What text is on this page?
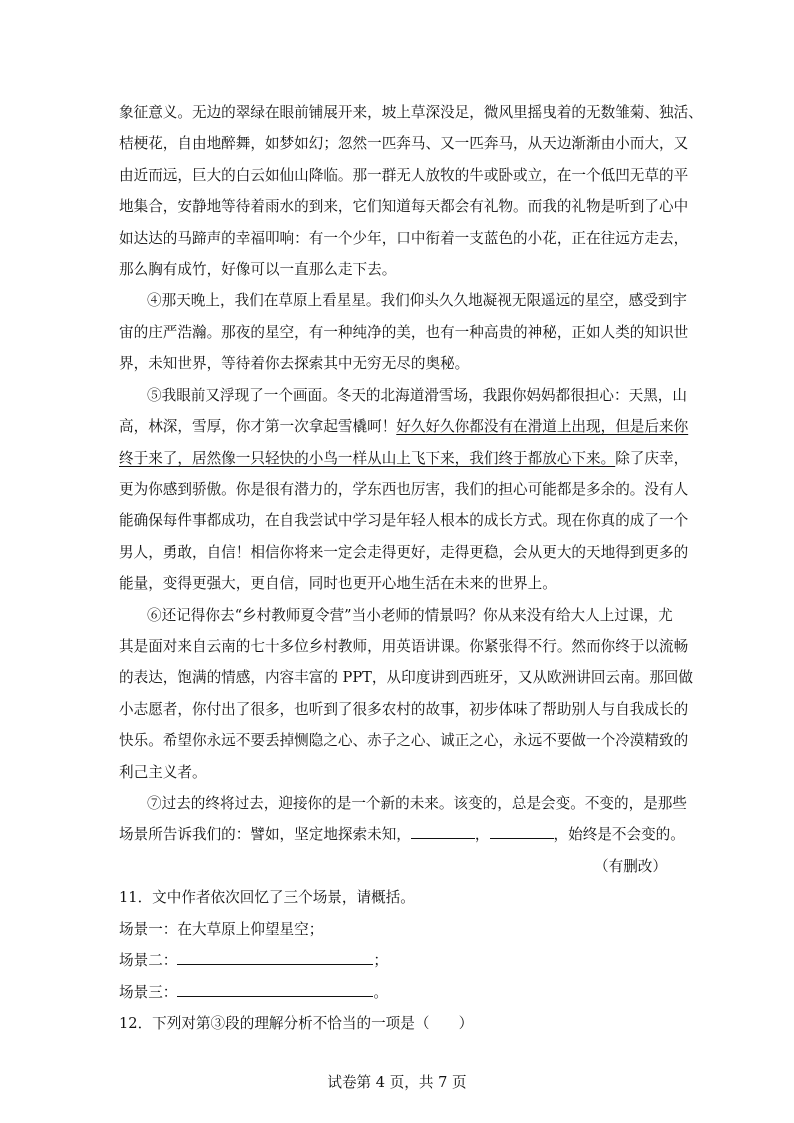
象征意义。无边的翠绿在眼前铺展开来，坡上草深没足，微风里摇曳着的无数雏菊、独活、
桔梗花，自由地醉舞，如梦如幻；忽然一匹奔马、又一匹奔马，从天边渐渐由小而大，又
由近而远，巨大的白云如仙山降临。那一群无人放牧的牛或卧或立，在一个低凹无草的平
地集合，安静地等待着雨水的到来，它们知道每天都会有礼物。而我的礼物是听到了心中
如达达的马蹄声的幸福叩响：有一个少年，口中衔着一支蓝色的小花，正在往远方走去，
那么胸有成竹，好像可以一直那么走下去。
④那天晚上，我们在草原上看星星。我们仰头久久地凝视无限遥远的星空，感受到宇
宙的庄严浩瀚。那夜的星空，有一种纯净的美，也有一种高贵的神秘，正如人类的知识世
界，未知世界，等待着你去探索其中无穷无尽的奥秘。
⑤我眼前又浮现了一个画面。冬天的北海道滑雪场，我跟你妈妈都很担心：天黑，山
高，林深，雪厚，你才第一次拿起雪橇呵！好久好久你都没有在滑道上出现，但是后来你
终于来了，居然像一只轻快的小鸟一样从山上飞下来，我们终于都放心下来。除了庆幸，
更为你感到骄傲。你是很有潜力的，学东西也厉害，我们的担心可能都是多余的。没有人
能确保每件事都成功，在自我尝试中学习是年轻人根本的成长方式。现在你真的成了一个
男人，勇敢，自信！相信你将来一定会走得更好，走得更稳，会从更大的天地得到更多的
能量，变得更强大，更自信，同时也更开心地生活在未来的世界上。
⑥还记得你去“乡村教师夏令营”当小老师的情景吗？你从来没有给大人上过课，尤
其是面对来自云南的七十多位乡村教师，用英语讲课。你紧张得不行。然而你终于以流畅
的表达，饱满的情感，内容丰富的 PPT，从印度讲到西班牙，又从欧洲讲回云南。那回做
小志愿者，你付出了很多，也听到了很多农村的故事，初步体味了帮助别人与自我成长的
快乐。希望你永远不要丢掉恻隐之心、赤子之心、诚正之心，永远不要做一个冷漠精致的
利己主义者。
⑦过去的终将过去，迎接你的是一个新的未来。该变的，总是会变。不变的，是那些
场景所告诉我们的：譬如，坚定地探索未知，	，	，始终是不会变的。
（有删改）
11．文中作者依次回忆了三个场景，请概括。
场景一：在大草原上仰望星空；
场景二：	；
场景三：	。
12．下列对第③段的理解分析不恰当的一项是（　　）
试卷第 4 页，共 7 页
